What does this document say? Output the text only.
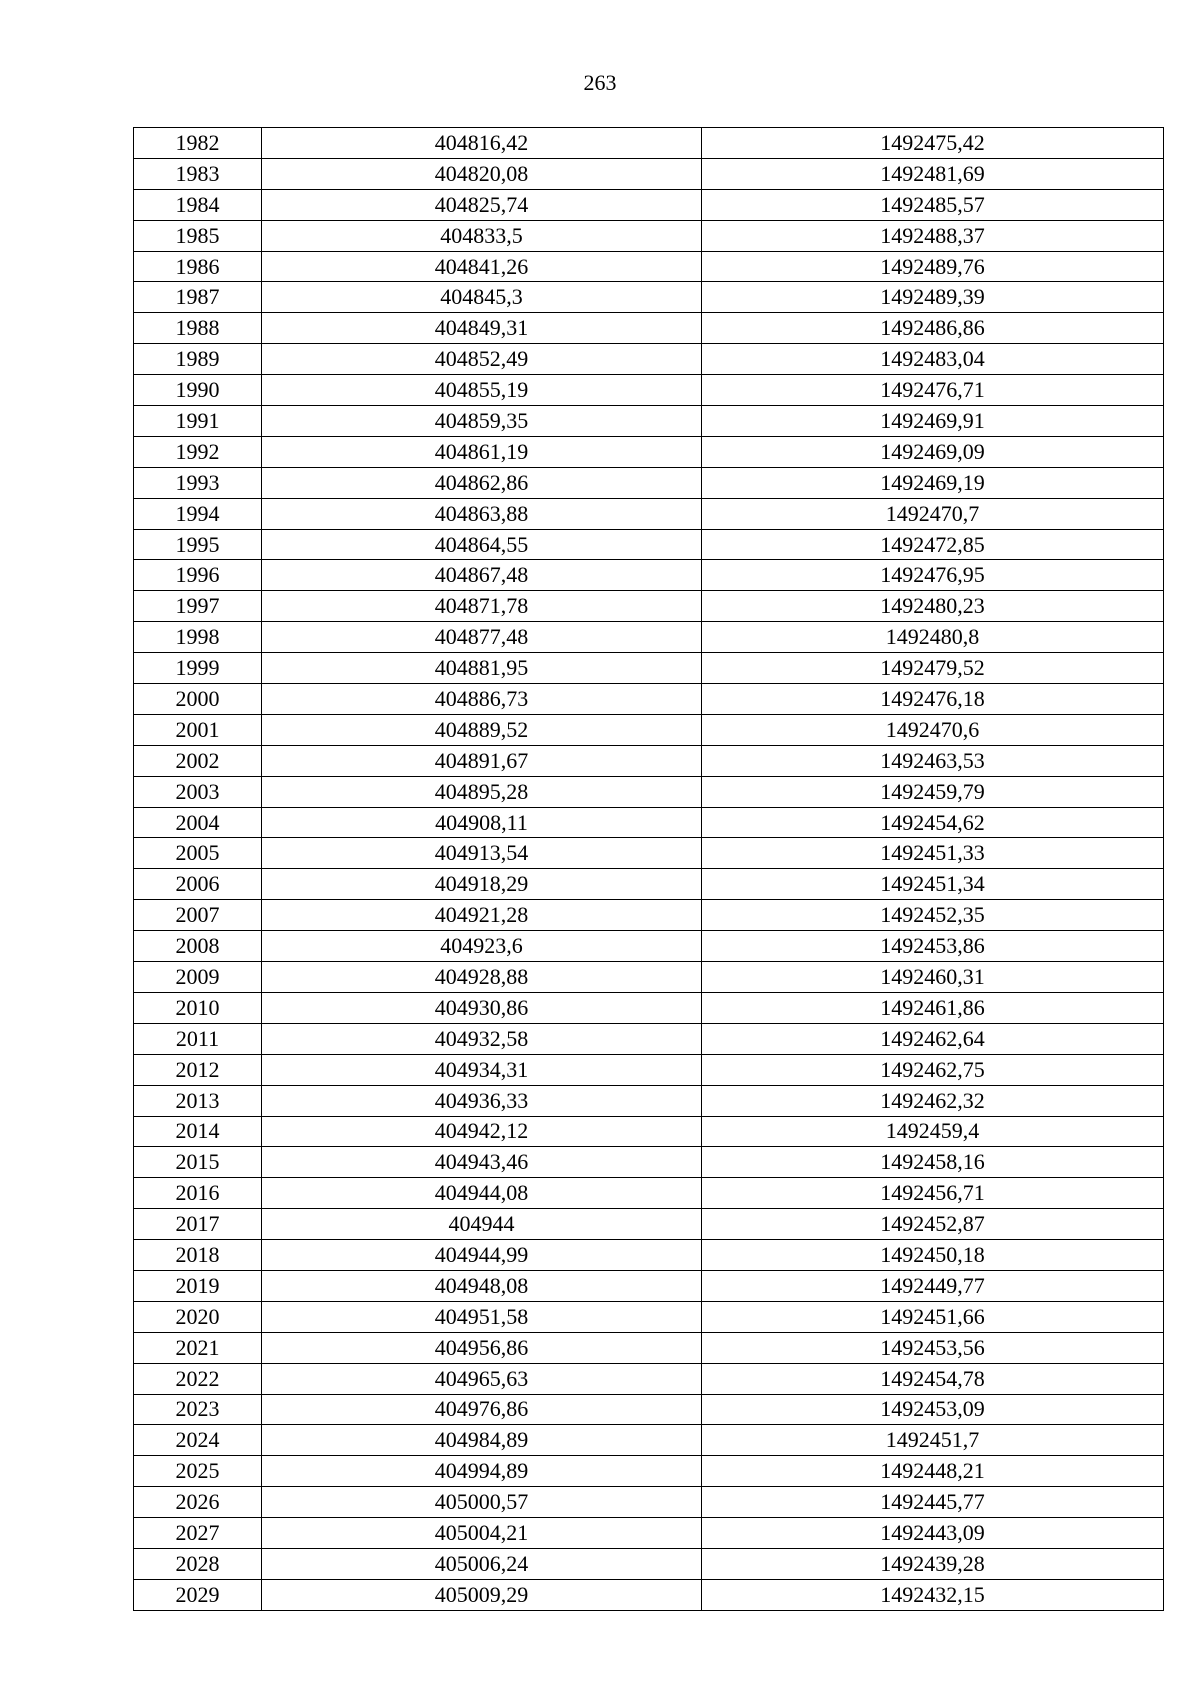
263
1982	404816,42	1492475,42
1983	404820,08	1492481,69
1984	404825,74	1492485,57
1985	404833,5	1492488,37
1986	404841,26	1492489,76
1987	404845,3	1492489,39
1988	404849,31	1492486,86
1989	404852,49	1492483,04
1990	404855,19	1492476,71
1991	404859,35	1492469,91
1992	404861,19	1492469,09
1993	404862,86	1492469,19
1994	404863,88	1492470,7
1995	404864,55	1492472,85
1996	404867,48	1492476,95
1997	404871,78	1492480,23
1998	404877,48	1492480,8
1999	404881,95	1492479,52
2000	404886,73	1492476,18
2001	404889,52	1492470,6
2002	404891,67	1492463,53
2003	404895,28	1492459,79
2004	404908,11	1492454,62
2005	404913,54	1492451,33
2006	404918,29	1492451,34
2007	404921,28	1492452,35
2008	404923,6	1492453,86
2009	404928,88	1492460,31
2010	404930,86	1492461,86
2011	404932,58	1492462,64
2012	404934,31	1492462,75
2013	404936,33	1492462,32
2014	404942,12	1492459,4
2015	404943,46	1492458,16
2016	404944,08	1492456,71
2017	404944	1492452,87
2018	404944,99	1492450,18
2019	404948,08	1492449,77
2020	404951,58	1492451,66
2021	404956,86	1492453,56
2022	404965,63	1492454,78
2023	404976,86	1492453,09
2024	404984,89	1492451,7
2025	404994,89	1492448,21
2026	405000,57	1492445,77
2027	405004,21	1492443,09
2028	405006,24	1492439,28
2029	405009,29	1492432,15
